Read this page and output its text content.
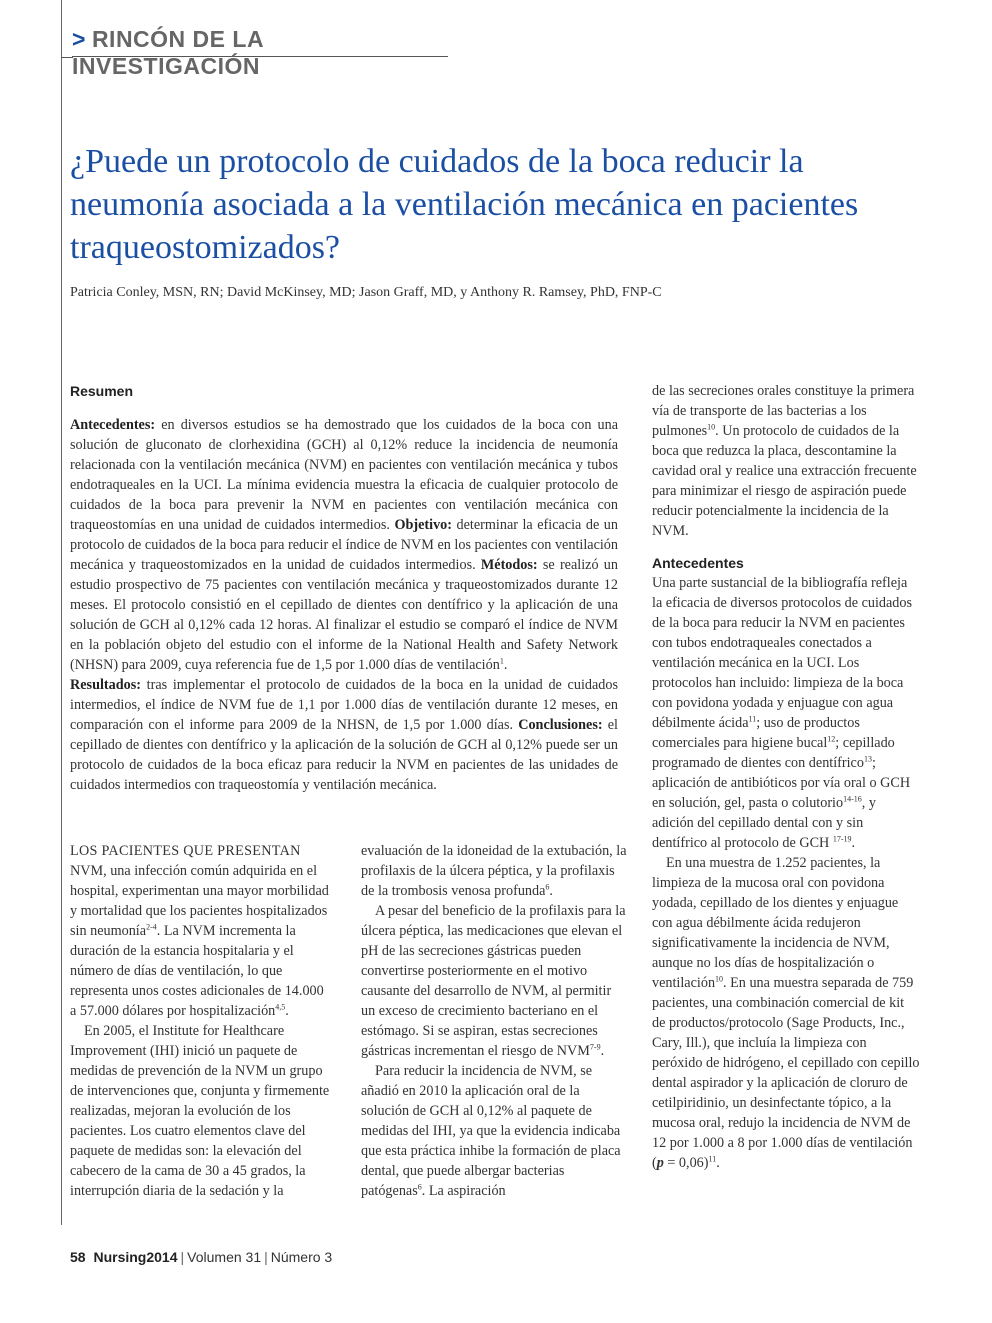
> RINCÓN DE LA INVESTIGACIÓN
¿Puede un protocolo de cuidados de la boca reducir la neumonía asociada a la ventilación mecánica en pacientes traqueostomizados?
Patricia Conley, MSN, RN; David McKinsey, MD; Jason Graff, MD, y Anthony R. Ramsey, PhD, FNP-C
Resumen

Antecedentes: en diversos estudios se ha demostrado que los cuidados de la boca con una solución de gluconato de clorhexidina (GCH) al 0,12% reduce la incidencia de neumonía relacionada con la ventilación mecánica (NVM) en pacientes con ventilación mecánica y tubos endotraqueales en la UCI. La mínima evidencia muestra la eficacia de cualquier protocolo de cuidados de la boca para prevenir la NVM en pacientes con ventilación mecánica con traqueostomías en una unidad de cuidados intermedios. Objetivo: determinar la eficacia de un protocolo de cuidados de la boca para reducir el índice de NVM en los pacientes con ventilación mecánica y traqueostomizados en la unidad de cuidados intermedios. Métodos: se realizó un estudio prospectivo de 75 pacientes con ventilación mecánica y traqueostomizados durante 12 meses. El protocolo consistió en el cepillado de dientes con dentífrico y la aplicación de una solución de GCH al 0,12% cada 12 horas. Al finalizar el estudio se comparó el índice de NVM en la población objeto del estudio con el informe de la National Health and Safety Network (NHSN) para 2009, cuya referencia fue de 1,5 por 1.000 días de ventilación$^1$.
Resultados: tras implementar el protocolo de cuidados de la boca en la unidad de cuidados intermedios, el índice de NVM fue de 1,1 por 1.000 días de ventilación durante 12 meses, en comparación con el informe para 2009 de la NHSN, de 1,5 por 1.000 días. Conclusiones: el cepillado de dientes con dentífrico y la aplicación de la solución de GCH al 0,12% puede ser un protocolo de cuidados de la boca eficaz para reducir la NVM en pacientes de las unidades de cuidados intermedios con traqueostomía y ventilación mecánica.

LOS PACIENTES QUE PRESENTAN NVM, una infección común adquirida en el hospital, experimentan una mayor morbilidad y mortalidad que los pacientes hospitalizados sin neumonía$^{2-4}$. La NVM incrementa la duración de la estancia hospitalaria y el número de días de ventilación, lo que representa unos costes adicionales de 14.000 a 57.000 dólares por hospitalización$^{4,5}$.

En 2005, el Institute for Healthcare Improvement (IHI) inició un paquete de medidas de prevención de la NVM un grupo de intervenciones que, conjunta y firmemente realizadas, mejoran la evolución de los pacientes. Los cuatro elementos clave del paquete de medidas son: la elevación del cabecero de la cama de 30 a 45 grados, la interrupción diaria de la sedación y la

evaluación de la idoneidad de la extubación, la profilaxis de la úlcera péptica, y la profilaxis de la trombosis venosa profunda$^6$.

A pesar del beneficio de la profilaxis para la úlcera péptica, las medicaciones que elevan el pH de las secreciones gástricas pueden convertirse posteriormente en el motivo causante del desarrollo de NVM, al permitir un exceso de crecimiento bacteriano en el estómago. Si se aspiran, estas secreciones gástricas incrementan el riesgo de NVM$^{7-9}$.

Para reducir la incidencia de NVM, se añadió en 2010 la aplicación oral de la solución de GCH al 0,12% al paquete de medidas del IHI, ya que la evidencia indicaba que esta práctica inhibe la formación de placa dental, que puede albergar bacterias patógenas$^6$. La aspiración

de las secreciones orales constituye la primera vía de transporte de las bacterias a los pulmones$^{10}$. Un protocolo de cuidados de la boca que reduzca la placa, descontamine la cavidad oral y realice una extracción frecuente para minimizar el riesgo de aspiración puede reducir potencialmente la incidencia de la NVM.

Antecedentes

Una parte sustancial de la bibliografía refleja la eficacia de diversos protocolos de cuidados de la boca para reducir la NVM en pacientes con tubos endotraqueales conectados a ventilación mecánica en la UCI. Los protocolos han incluido: limpieza de la boca con povidona yodada y enjuague con agua débilmente ácida$^{11}$; uso de productos comerciales para higiene bucal$^{12}$; cepillado programado de dientes con dentífrico$^{13}$; aplicación de antibióticos por vía oral o GCH en solución, gel, pasta o colutorio$^{14-16}$, y adición del cepillado dental con y sin dentífrico al protocolo de GCH $^{17-19}$.

En una muestra de 1.252 pacientes, la limpieza de la mucosa oral con povidona yodada, cepillado de los dientes y enjuague con agua débilmente ácida redujeron significativamente la incidencia de NVM, aunque no los días de hospitalización o ventilación$^{10}$. En una muestra separada de 759 pacientes, una combinación comercial de kit de productos/protocolo (Sage Products, Inc., Cary, Ill.), que incluía la limpieza con peróxido de hidrógeno, el cepillado con cepillo dental aspirador y la aplicación de cloruro de cetilpiridinio, un desinfectante tópico, a la mucosa oral, redujo la incidencia de NVM de 12 por 1.000 a 8 por 1.000 días de ventilación (p = 0,06)$^{11}$.

58 Nursing2014 | Volumen 31 | Número 3
